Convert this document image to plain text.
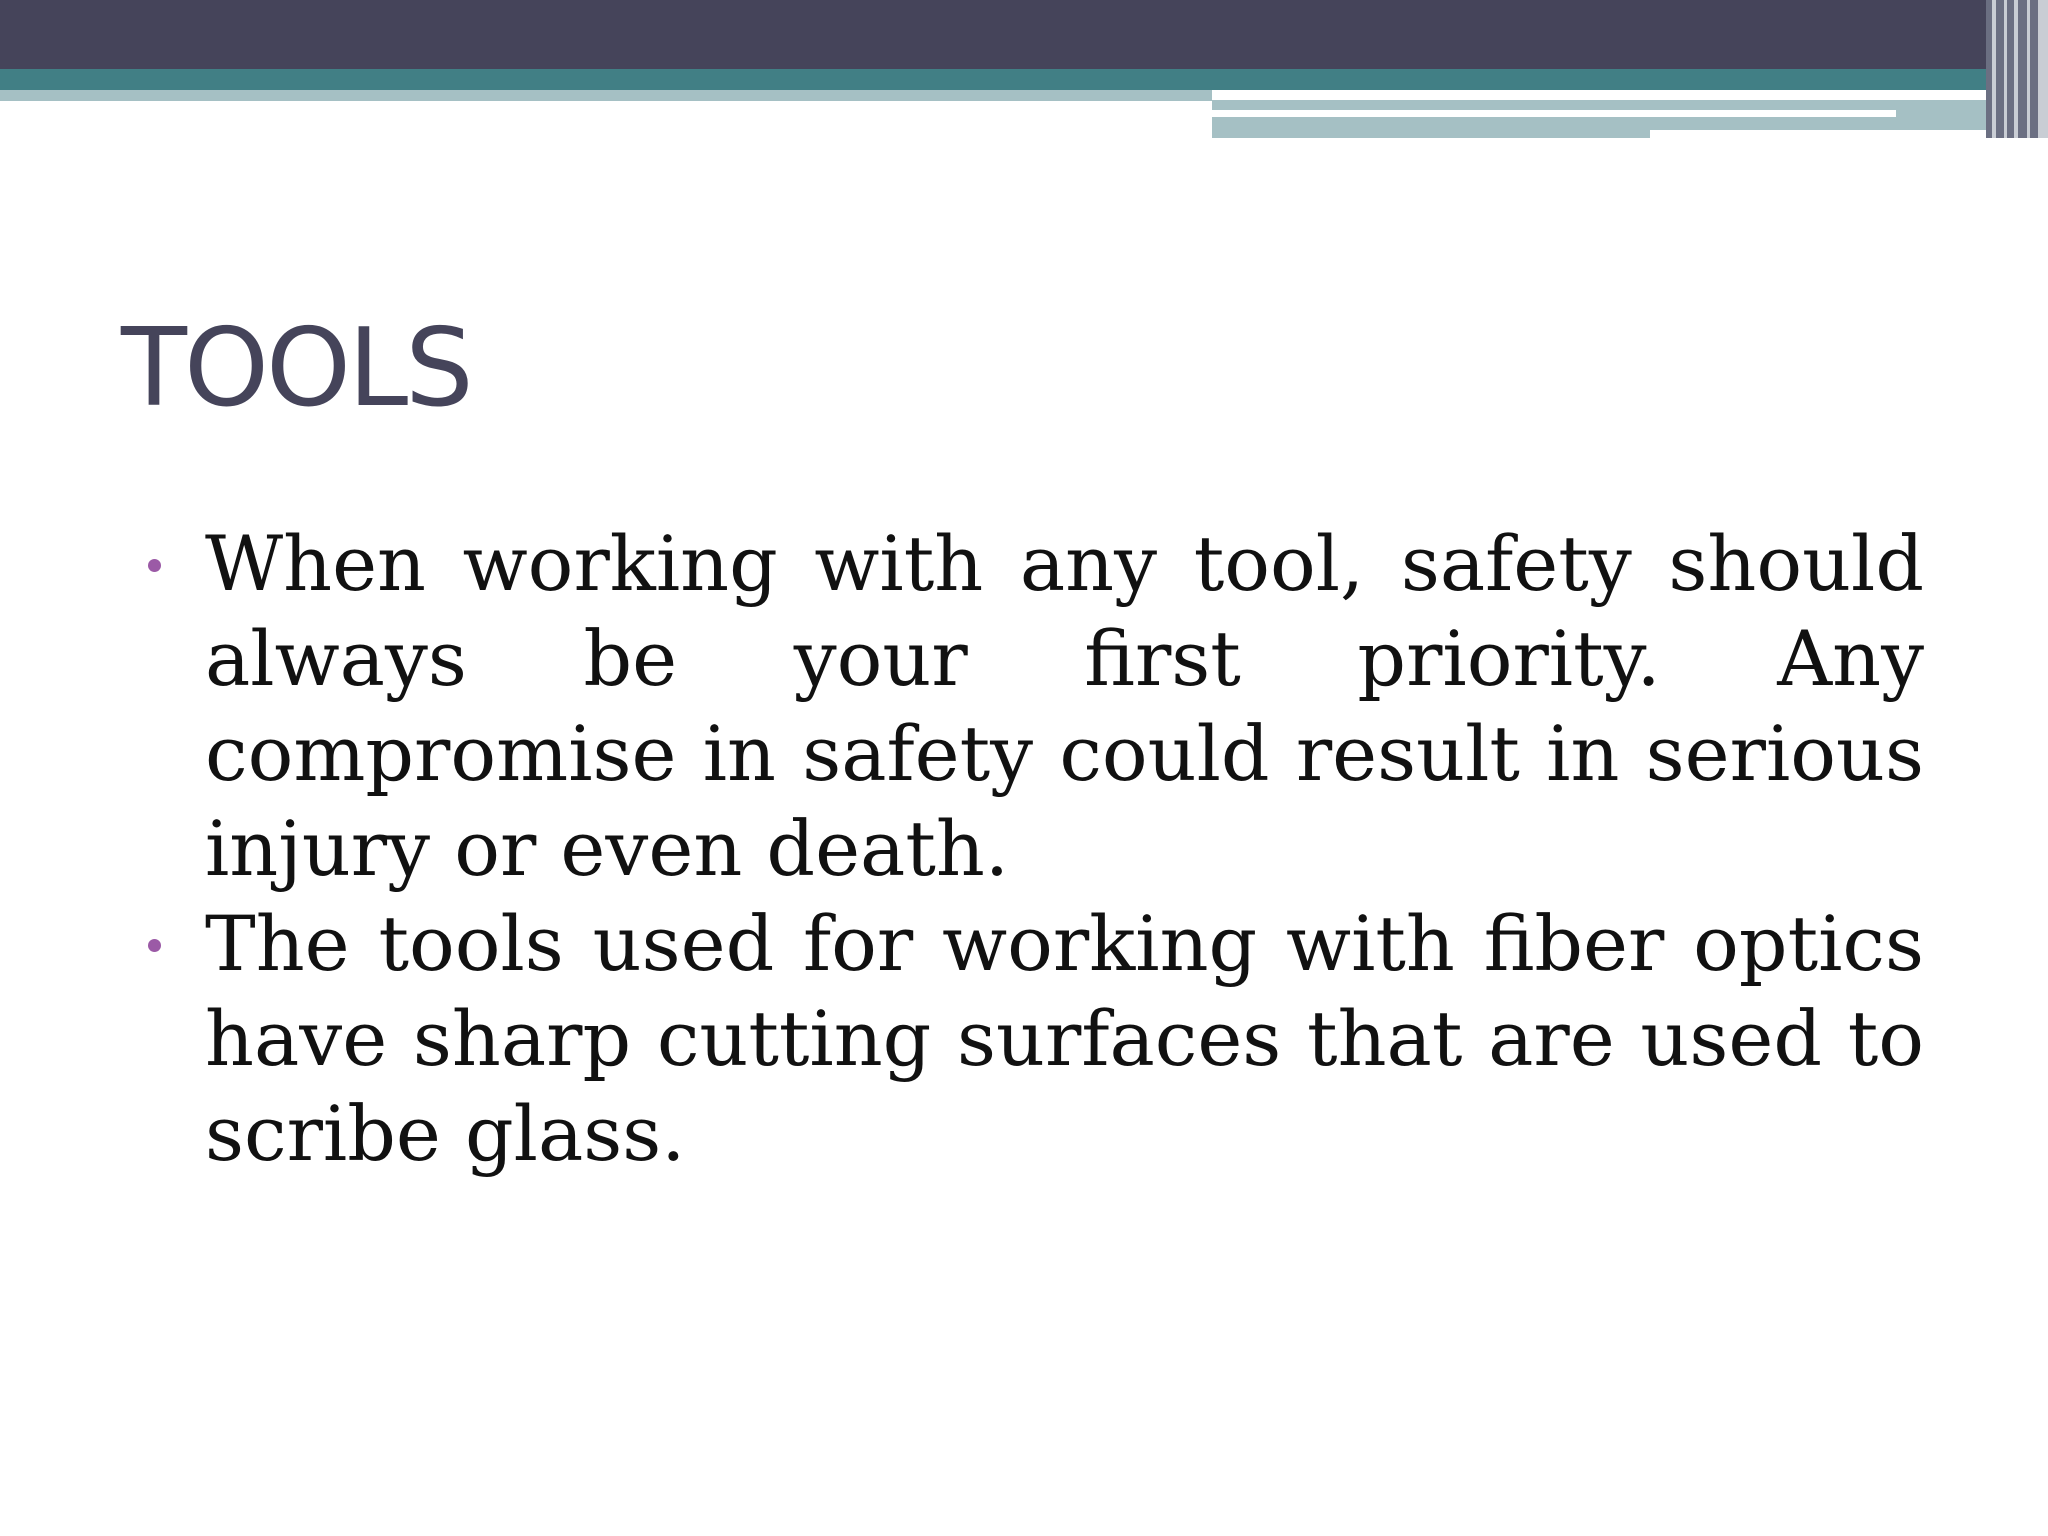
TOOLS
When working with any tool, safety should always be your first priority. Any compromise in safety could result in serious injury or even death.
The tools used for working with fiber optics have sharp cutting surfaces that are used to scribe glass.
